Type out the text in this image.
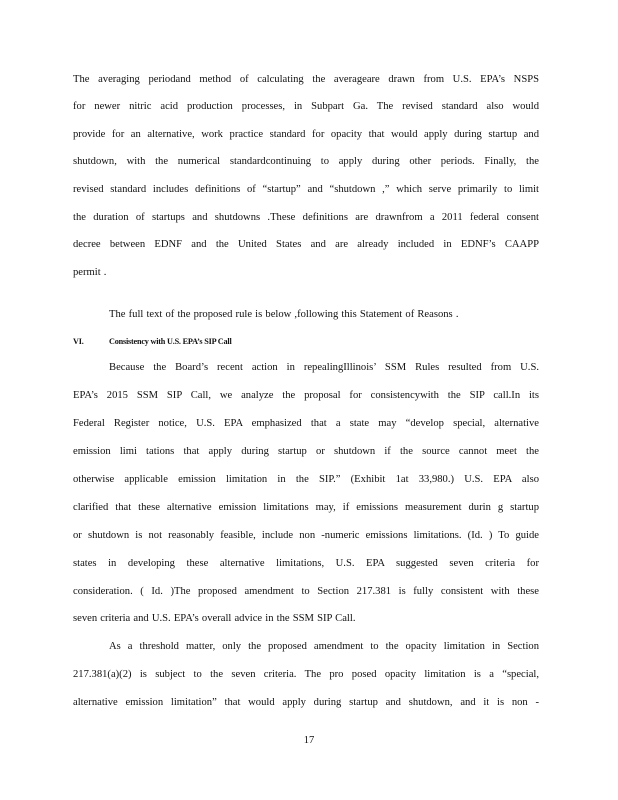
The averaging periodand method of calculating the averageare drawn from U.S. EPA’s NSPS
for newer nitric acid production processes, in Subpart Ga. The revised standard also would
provide for an alternative, work practice standard for opacity that would apply during startup and
shutdown, with the numerical standardcontinuing to apply during other periods. Finally, the
revised standard includes definitions of “startup” and “shutdown ,” which serve primarily to limit
the duration of startups and shutdowns .These definitions are drawnfrom a 2011 federal consent
decree between EDNF and the United States and are already included in EDNF’s CAAPP
permit .
The full text of the proposed rule is below ,following this Statement of Reasons .
VI.	Consistency with U.S. EPA’s SIP Call
Because the Board’s recent action in repealingIllinois’ SSM Rules resulted from U.S.
EPA’s 2015 SSM SIP Call, we analyze the proposal for consistencywith the SIP call.In its
Federal Register notice, U.S. EPA emphasized that a state may “develop special, alternative
emission limi tations that apply during startup or shutdown if the source cannot meet the
otherwise applicable emission limitation in the SIP.” (Exhibit 1at 33,980.) U.S. EPA also
clarified that these alternative emission limitations may, if emissions measurement durin g startup
or shutdown is not reasonably feasible, include non -numeric emissions limitations. (Id. ) To guide
states in developing these alternative limitations, U.S. EPA suggested seven criteria for
consideration. ( Id. )The proposed amendment to Section 217.381 is fully consistent with these
seven criteria and U.S. EPA’s overall advice in the SSM SIP Call.
As a threshold matter, only the proposed amendment to the opacity limitation in Section
217.381(a)(2) is subject to the seven criteria. The pro posed opacity limitation is a “special,
alternative emission limitation” that would apply during startup and shutdown, and it is non -
17
